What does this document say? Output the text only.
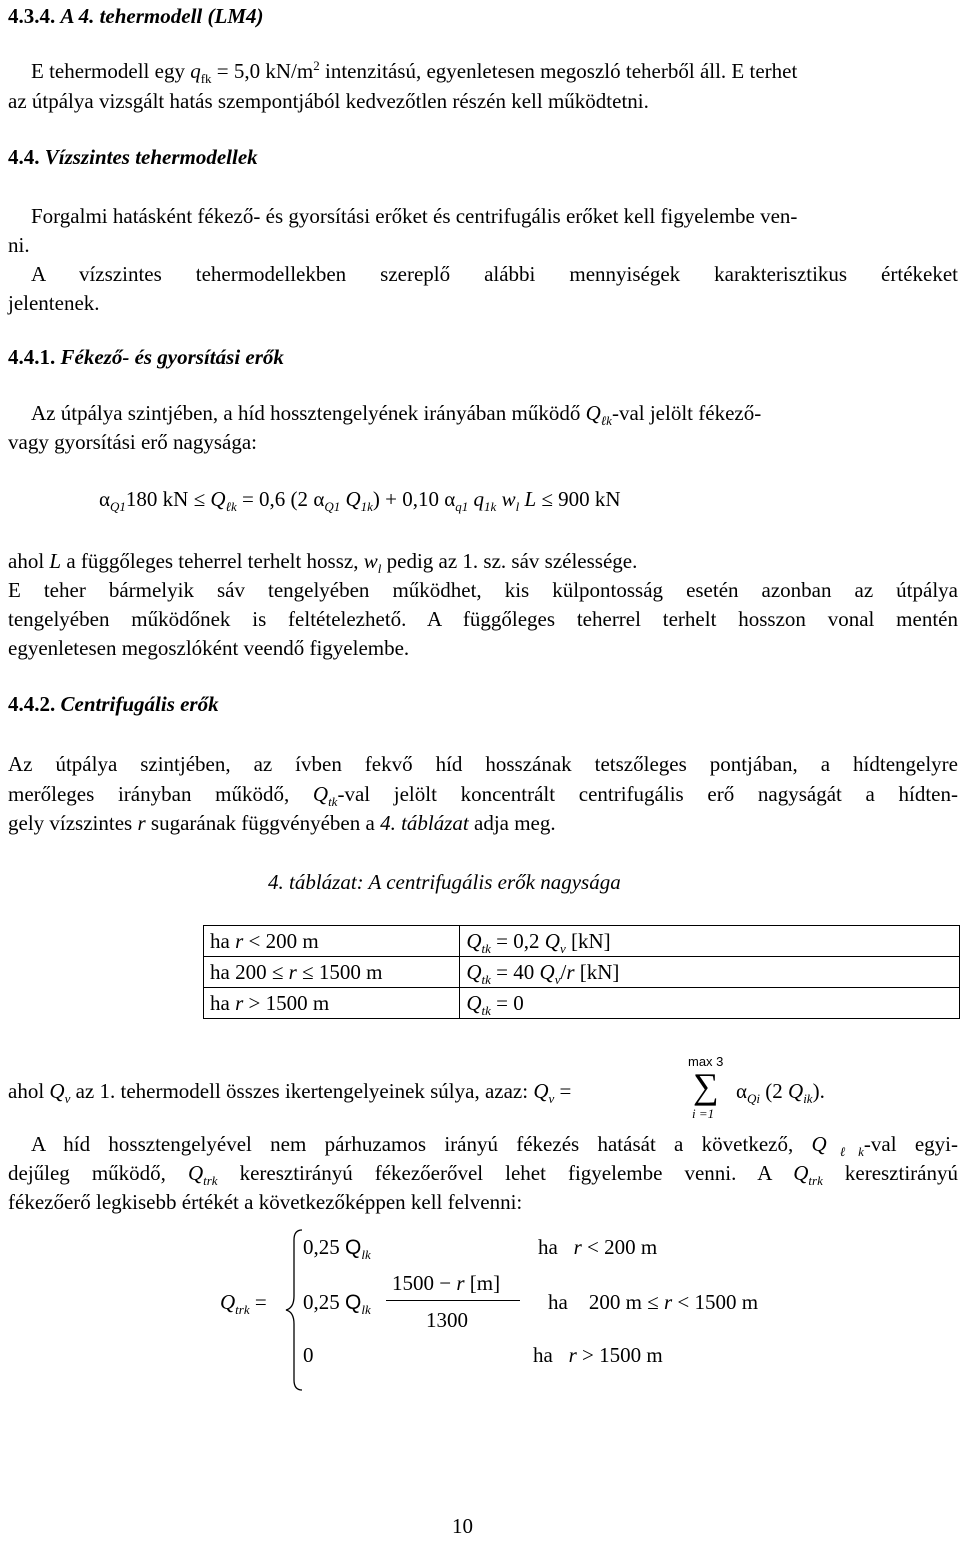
4.3.4. A 4. tehermodell (LM4)
E tehermodell egy $q_{fk} = 5,0$ $kN/m^2$ intenzitású, egyenletesen megoszló teherből áll. E terhet
az útpálya vizsgált hatás szempontjából kedvezőtlen részén kell működtetni.
4.4. Vízszintes tehermodellek
Forgalmi hatásként fékező- és gyorsítási erőket és centrifugális erőket kell figyelembe ven-
ni.
A vízszintes tehermodellekben szereplő alábbi mennyiségek karakterisztikus értékeket
jelentenek.
4.4.1. Fékező- és gyorsítási erők
Az útpálya szintjében, a híd hossztengelyének irányában működő $Q_{\ell k}$-val jelölt fékező-
vagy gyorsítási erő nagysága:
$\alpha_{Q1}180$ kN ≤ $Q_{\ell k} = 0,6$ (2 $\alpha_{Q1}$ $Q_{1k}) + 0,10$ $\alpha_{q1}$ $q_{1k}$ $w_l$ L ≤ 900 kN
ahol L a függőleges teherrel terhelt hossz, $w_l$ pedig az 1. sz. sáv szélessége.
E teher bármelyik sáv tengelyében működhet, kis külpontosság esetén azonban az útpálya
tengelyében működőnek is feltételezhető. A függőleges teherrel terhelt hosszon vonal mentén
egyenletesen megoszlóként veendő figyelembe.
4.4.2. Centrifugális erők
Az útpálya szintjében, az ívben fekvő híd hosszának tetszőleges pontjában, a hídtengelyre
merőleges irányban működő, $Q_{tk}$-val jelölt koncentrált centrifugális erő nagyságát a hídten-
gely vízszintes r sugarának függvényében a 4. táblázat adja meg.
4. táblázat: A centrifugális erők nagysága
ha r < 200 m	$Q_{tk} = 0,2$ $Q_v$ [kN]
ha 200 ≤ r ≤ 1500 m	$Q_{tk} = 40$ $Q_v/r$ [kN]
ha r > 1500 m	$Q_{tk} = 0$
ahol $Q_v$ az 1. tehermodell összes ikertengelyeinek súlya, azaz: $Q_v$ =
max 3
∑
i =1
$\alpha_{Qi}$ (2 $Q_{ik}$).
A híd hossztengelyével nem párhuzamos irányú fékezés hatását a következő, $Q_{\ell k}$-val egyi-
dejűleg működő, $Q_{trk}$ keresztirányú fékezőerővel lehet figyelembe venni. A $Q_{trk}$ keresztirányú
fékezőerő legkisebb értékét a következőképpen kell felvenni:
$Q_{trk}$ =
0,25 $Q_{lk}$	ha r < 200 m
0,25 $Q_{lk}$
1500 − r [m]
1300
ha 200 m ≤ r < 1500 m
0	ha r > 1500 m
10
